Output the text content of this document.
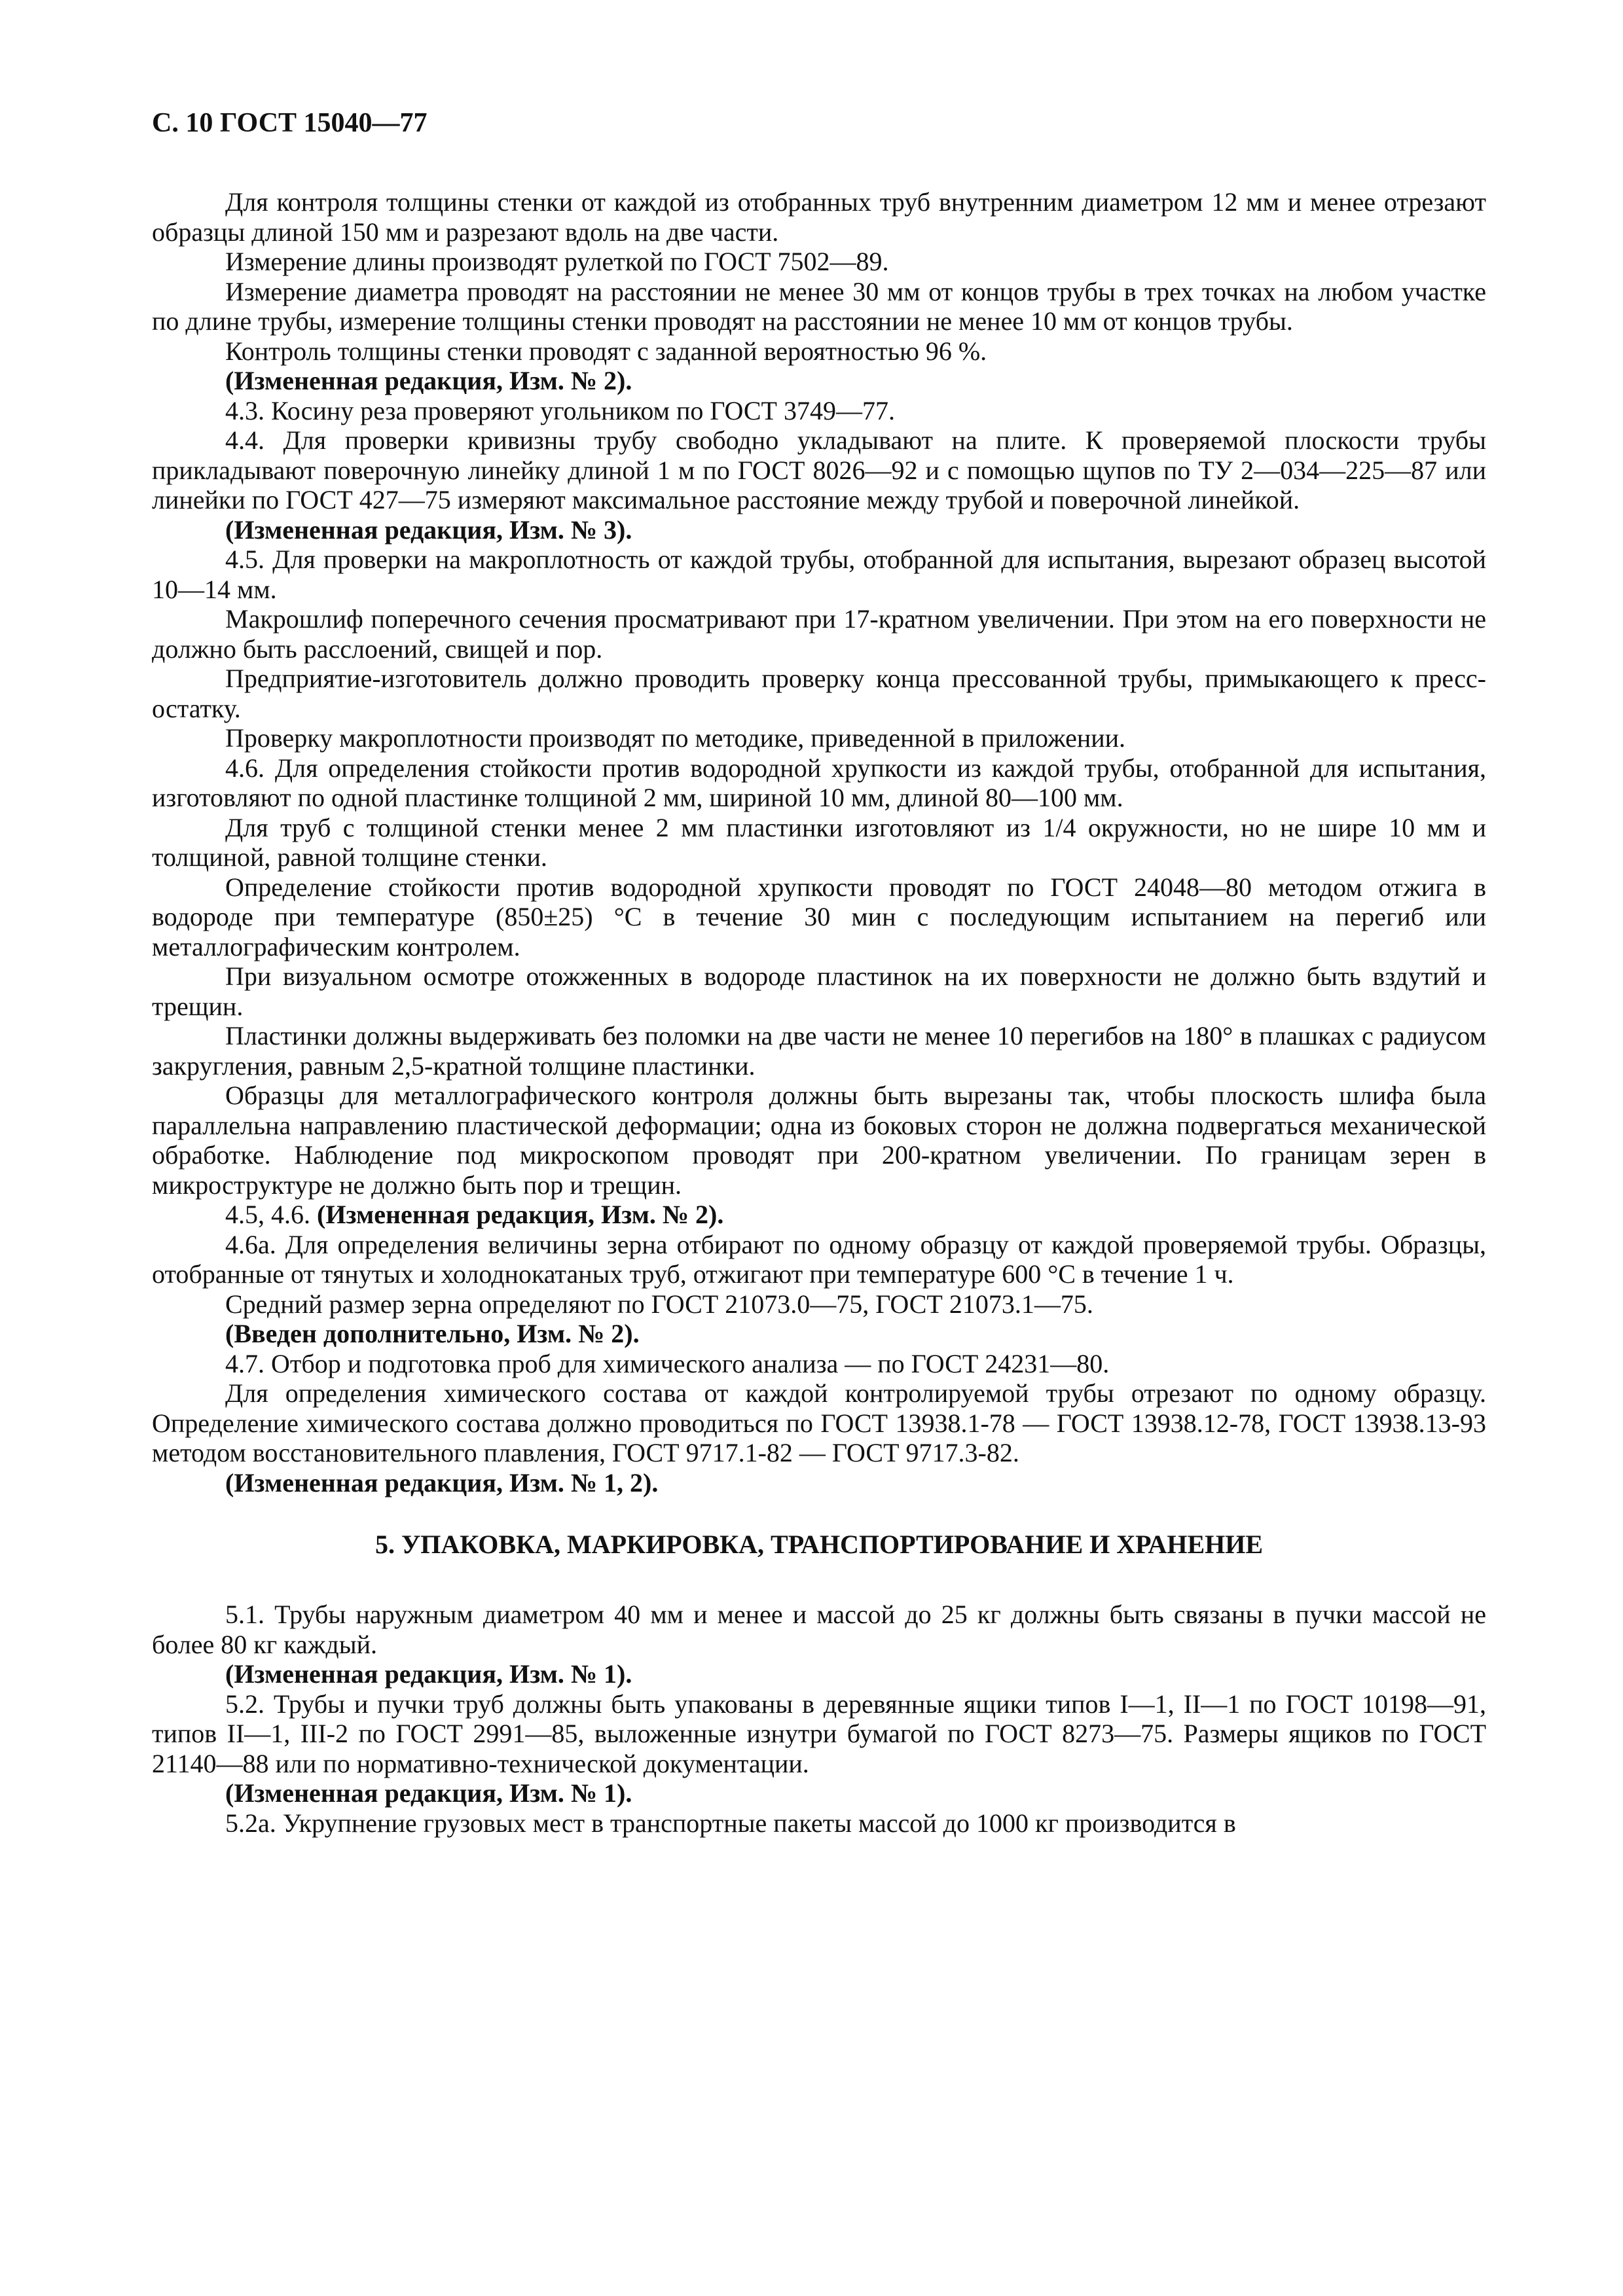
С. 10 ГОСТ 15040—77

Для контроля толщины стенки от каждой из отобранных труб внутренним диаметром 12 мм и менее отрезают образцы длиной 150 мм и разрезают вдоль на две части.

Измерение длины производят рулеткой по ГОСТ 7502—89.

Измерение диаметра проводят на расстоянии не менее 30 мм от концов трубы в трех точках на любом участке по длине трубы, измерение толщины стенки проводят на расстоянии не менее 10 мм от концов трубы.

Контроль толщины стенки проводят с заданной вероятностью 96 %.

(Измененная редакция, Изм. № 2).

4.3. Косину реза проверяют угольником по ГОСТ 3749—77.

4.4. Для проверки кривизны трубу свободно укладывают на плите. К проверяемой плоскости трубы прикладывают поверочную линейку длиной 1 м по ГОСТ 8026—92 и с помощью щупов по ТУ 2—034—225—87 или линейки по ГОСТ 427—75 измеряют максимальное расстояние между трубой и поверочной линейкой.

(Измененная редакция, Изм. № 3).

4.5. Для проверки на макроплотность от каждой трубы, отобранной для испытания, вырезают образец высотой 10—14 мм.

Макрошлиф поперечного сечения просматривают при 17-кратном увеличении. При этом на его поверхности не должно быть расслоений, свищей и пор.

Предприятие-изготовитель должно проводить проверку конца прессованной трубы, примыкающего к пресс-остатку.

Проверку макроплотности производят по методике, приведенной в приложении.

4.6. Для определения стойкости против водородной хрупкости из каждой трубы, отобранной для испытания, изготовляют по одной пластинке толщиной 2 мм, шириной 10 мм, длиной 80—100 мм.

Для труб с толщиной стенки менее 2 мм пластинки изготовляют из 1/4 окружности, но не шире 10 мм и толщиной, равной толщине стенки.

Определение стойкости против водородной хрупкости проводят по ГОСТ 24048—80 методом отжига в водороде при температуре (850±25) °С в течение 30 мин с последующим испытанием на перегиб или металлографическим контролем.

При визуальном осмотре отожженных в водороде пластинок на их поверхности не должно быть вздутий и трещин.

Пластинки должны выдерживать без поломки на две части не менее 10 перегибов на 180° в плашках с радиусом закругления, равным 2,5-кратной толщине пластинки.

Образцы для металлографического контроля должны быть вырезаны так, чтобы плоскость шлифа была параллельна направлению пластической деформации; одна из боковых сторон не должна подвергаться механической обработке. Наблюдение под микроскопом проводят при 200-кратном увеличении. По границам зерен в микроструктуре не должно быть пор и трещин.

4.5, 4.6. (Измененная редакция, Изм. № 2).

4.6а. Для определения величины зерна отбирают по одному образцу от каждой проверяемой трубы. Образцы, отобранные от тянутых и холоднокатаных труб, отжигают при температуре 600 °С в течение 1 ч.

Средний размер зерна определяют по ГОСТ 21073.0—75, ГОСТ 21073.1—75.

(Введен дополнительно, Изм. № 2).

4.7. Отбор и подготовка проб для химического анализа — по ГОСТ 24231—80.

Для определения химического состава от каждой контролируемой трубы отрезают по одному образцу. Определение химического состава должно проводиться по ГОСТ 13938.1-78 — ГОСТ 13938.12-78, ГОСТ 13938.13-93 методом восстановительного плавления, ГОСТ 9717.1-82 — ГОСТ 9717.3-82.

(Измененная редакция, Изм. № 1, 2).

5. УПАКОВКА, МАРКИРОВКА, ТРАНСПОРТИРОВАНИЕ И ХРАНЕНИЕ

5.1. Трубы наружным диаметром 40 мм и менее и массой до 25 кг должны быть связаны в пучки массой не более 80 кг каждый.

(Измененная редакция, Изм. № 1).

5.2. Трубы и пучки труб должны быть упакованы в деревянные ящики типов I—1, II—1 по ГОСТ 10198—91, типов II—1, III-2 по ГОСТ 2991—85, выложенные изнутри бумагой по ГОСТ 8273—75. Размеры ящиков по ГОСТ 21140—88 или по нормативно-технической документации.

(Измененная редакция, Изм. № 1).

5.2а. Укрупнение грузовых мест в транспортные пакеты массой до 1000 кг производится в
